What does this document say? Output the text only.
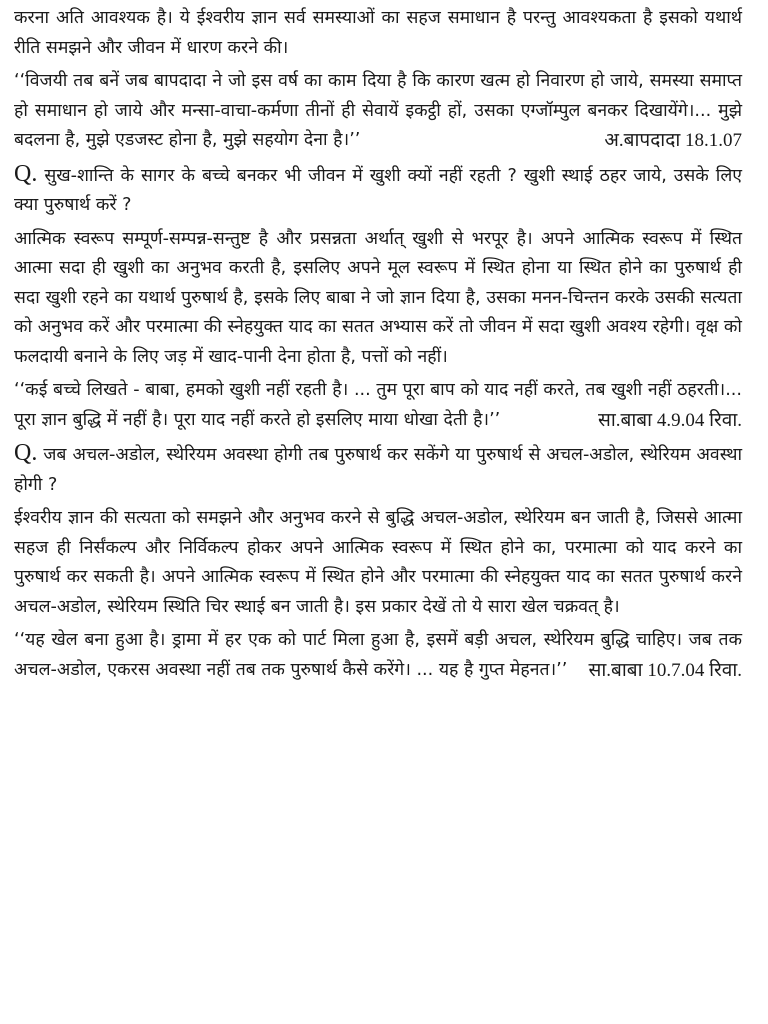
करना अति आवश्यक है। ये ईश्वरीय ज्ञान सर्व समस्याओं का सहज समाधान है परन्तु आवश्यकता है इसको यथार्थ रीति समझने और जीवन में धारण करने की।

‘‘विजयी तब बनें जब बापदादा ने जो इस वर्ष का काम दिया है कि कारण खत्म हो निवारण हो जाये, समस्या समाप्त हो समाधान हो जाये और मन्सा-वाचा-कर्मणा तीनों ही सेवायें इकट्ठी हों, उसका एग्जॉम्पुल बनकर दिखायेंगे।... मुझे बदलना है, मुझे एडजस्ट होना है, मुझे सहयोग देना है।’’	अ.बापदादा 18.1.07

Q. सुख-शान्ति के सागर के बच्चे बनकर भी जीवन में खुशी क्यों नहीं रहती ? खुशी स्थाई ठहर जाये, उसके लिए क्या पुरुषार्थ करें ?

आत्मिक स्वरूप सम्पूर्ण-सम्पन्न-सन्तुष्ट है और प्रसन्नता अर्थात् खुशी से भरपूर है। अपने आत्मिक स्वरूप में स्थित आत्मा सदा ही खुशी का अनुभव करती है, इसलिए अपने मूल स्वरूप में स्थित होना या स्थित होने का पुरुषार्थ ही सदा खुशी रहने का यथार्थ पुरुषार्थ है, इसके लिए बाबा ने जो ज्ञान दिया है, उसका मनन-चिन्तन करके उसकी सत्यता को अनुभव करें और परमात्मा की स्नेहयुक्त याद का सतत अभ्यास करें तो जीवन में सदा खुशी अवश्य रहेगी। वृक्ष को फलदायी बनाने के लिए जड़ में खाद-पानी देना होता है, पत्तों को नहीं।

‘‘कई बच्चे लिखते - बाबा, हमको खुशी नहीं रहती है। ... तुम पूरा बाप को याद नहीं करते, तब खुशी नहीं ठहरती।... पूरा ज्ञान बुद्धि में नहीं है। पूरा याद नहीं करते हो इसलिए माया धोखा देती है।’’	सा.बाबा 4.9.04 रिवा.

Q. जब अचल-अडोल, स्थेरियम अवस्था होगी तब पुरुषार्थ कर सकेंगे या पुरुषार्थ से अचल-अडोल, स्थेरियम अवस्था होगी ?

ईश्वरीय ज्ञान की सत्यता को समझने और अनुभव करने से बुद्धि अचल-अडोल, स्थेरियम बन जाती है, जिससे आत्मा सहज ही निर्संकल्प और निर्विकल्प होकर अपने आत्मिक स्वरूप में स्थित होने का, परमात्मा को याद करने का पुरुषार्थ कर सकती है। अपने आत्मिक स्वरूप में स्थित होने और परमात्मा की स्नेहयुक्त याद का सतत पुरुषार्थ करने अचल-अडोल, स्थेरियम स्थिति चिर स्थाई बन जाती है। इस प्रकार देखें तो ये सारा खेल चक्रवत् है।

‘‘यह खेल बना हुआ है। ड्रामा में हर एक को पार्ट मिला हुआ है, इसमें बड़ी अचल, स्थेरियम बुद्धि चाहिए। जब तक अचल-अडोल, एकरस अवस्था नहीं तब तक पुरुषार्थ कैसे करेंगे। ... यह है गुप्त मेहनत।’’	सा.बाबा 10.7.04 रिवा.
